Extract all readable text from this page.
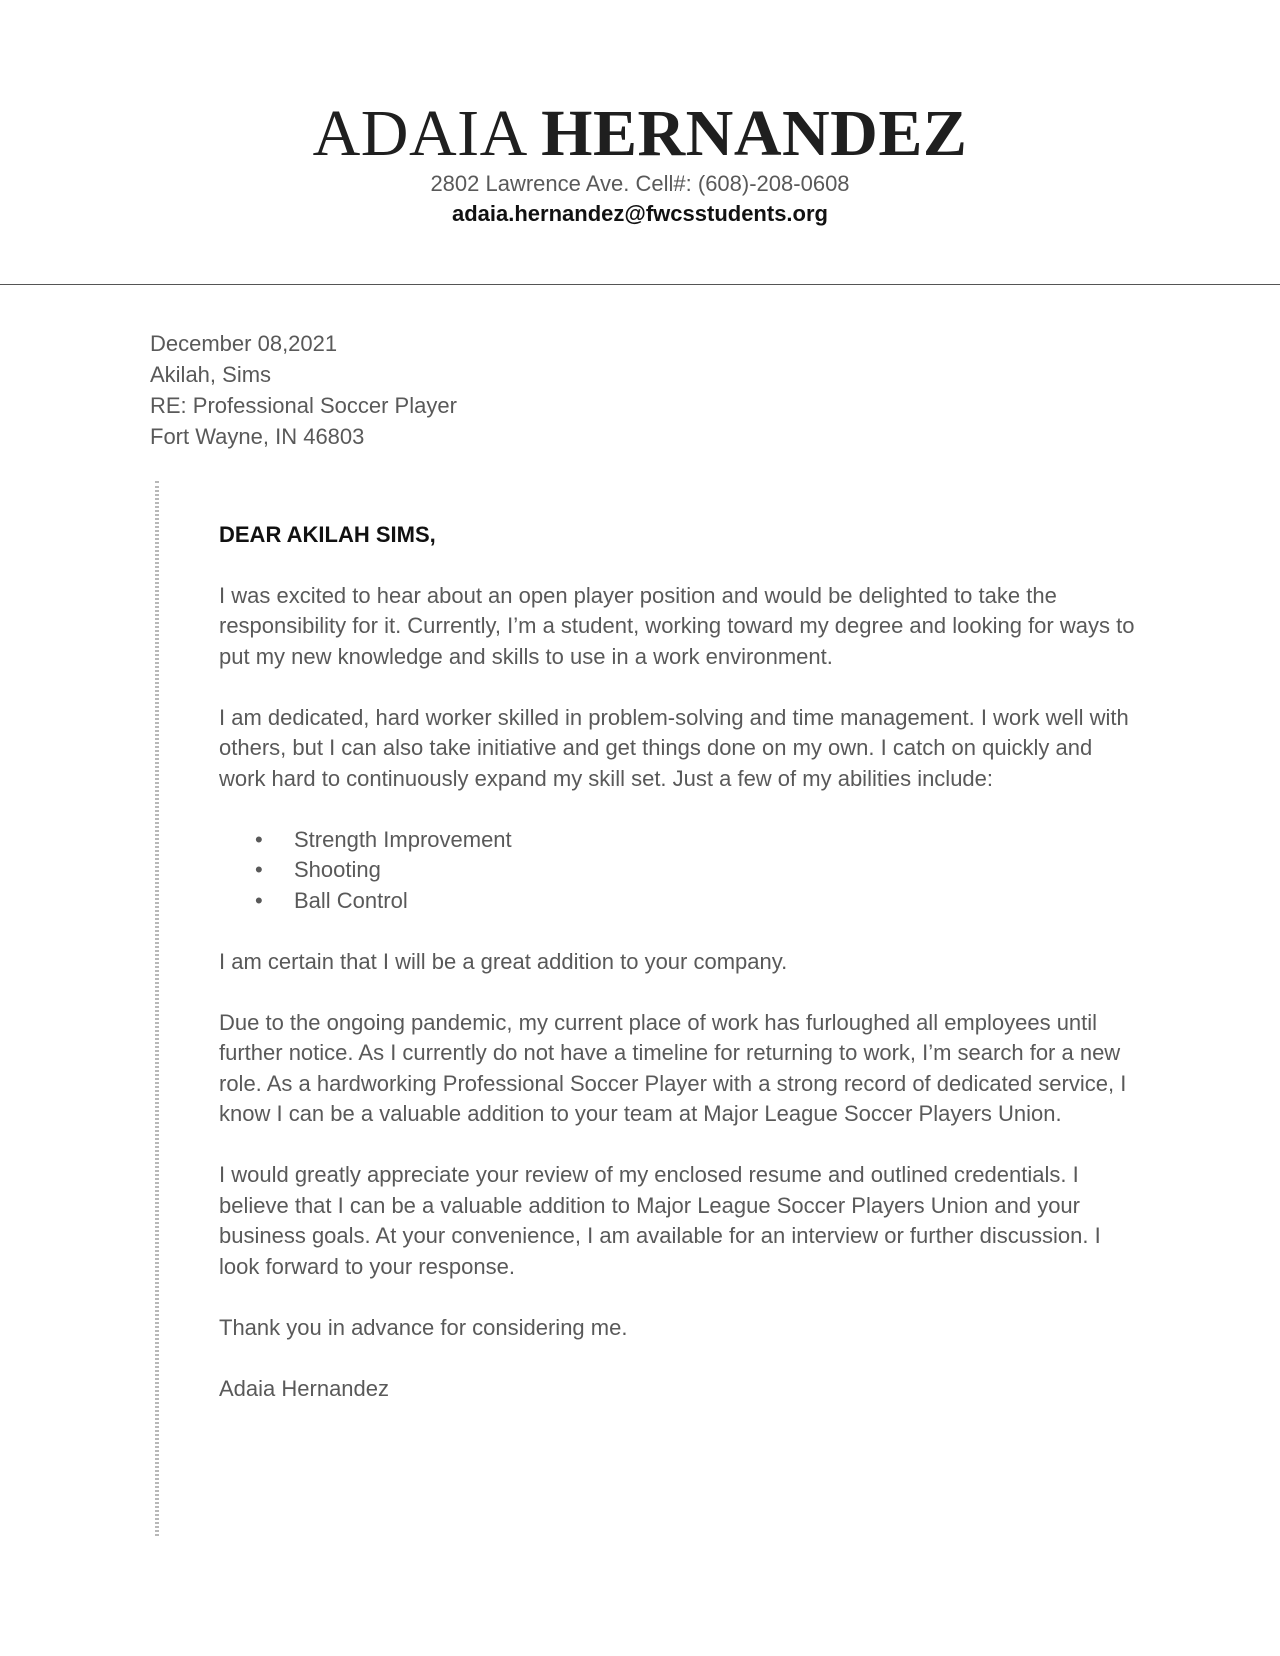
ADAIA HERNANDEZ
2802 Lawrence Ave. Cell#: (608)-208-0608
adaia.hernandez@fwcsstudents.org
December 08,2021
Akilah, Sims
RE: Professional Soccer Player
Fort Wayne, IN 46803
DEAR AKILAH SIMS,

I was excited to hear about an open player position and would be delighted to take the responsibility for it. Currently, I’m a student, working toward my degree and looking for ways to put my new knowledge and skills to use in a work environment.

I am dedicated, hard worker skilled in problem-solving and time management. I work well with others, but I can also take initiative and get things done on my own. I catch on quickly and work hard to continuously expand my skill set. Just a few of my abilities include:

• Strength Improvement
• Shooting
• Ball Control

I am certain that I will be a great addition to your company.

Due to the ongoing pandemic, my current place of work has furloughed all employees until further notice. As I currently do not have a timeline for returning to work, I’m search for a new role. As a hardworking Professional Soccer Player with a strong record of dedicated service, I know I can be a valuable addition to your team at Major League Soccer Players Union.

I would greatly appreciate your review of my enclosed resume and outlined credentials. I believe that I can be a valuable addition to Major League Soccer Players Union and your business goals. At your convenience, I am available for an interview or further discussion. I look forward to your response.

Thank you in advance for considering me.

Adaia Hernandez
